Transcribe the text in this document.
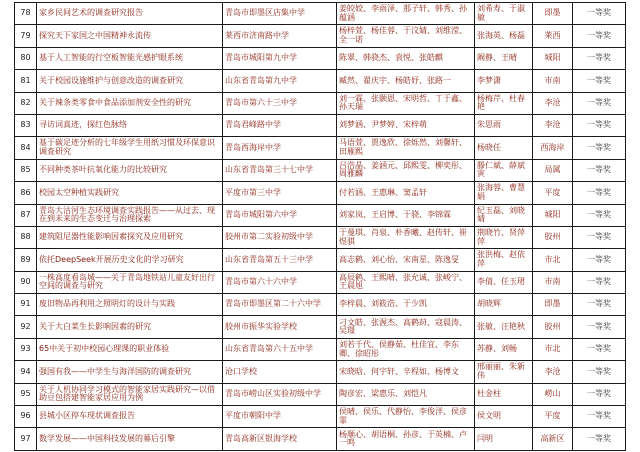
78	家乡民间艺术的调查研究报告	青岛市即墨区店集中学	姜皎姣、李雨泽、那子轩、韩秀、孙蕴涵	刘希寿、于淑敏	即墨	一等奖
79	探究天下家国之中国精神永流传	莱西市济南路中学	杨梓萱、杨佳蓉、于汶婧、刘维滢、全一诺	张海英、杨磊	莱西	一等奖
80	基于人工智能的行空板智能光感护眼系统	青岛市城阳第九中学	陈翠、韩骁杰、袁悦、张皓麒	阚静、王晴	城阳	一等奖
81	关于校园设施维护与创意改造的调查研究	山东省青岛第九中学	臧然、翟庆宇、杨皓妤、张路一	李梦潇	市南	一等奖
82	关于辣条类零食中食品添加剂安全性的研究	青岛市第六十三中学	刘一霖、张颢恩、宋明哲、丁于鑫、孙天瑞	杨梅芹、杜春艳	李沧	一等奖
83	寻访词真迹，探红色脉络	青岛君峰路中学	刘梦涵、尹梦婷、宋梓萌	朱思雨	李沧	一等奖
84	基于碳足迹分析的七年级学生用纸习惯及环保意识调查研究	青岛西海岸中学	马语萱、贾逸欣、徐烁然、刘馨轩、田雁熙	杨晓任	西海岸	一等奖
85	不同种类茶叶抗氧化能力的比较研究	山东省青岛第三十七中学	吕浩晶、姜涵元、邱熙雯、柳奕彤、周雅麟	滕仁斌、薛斌寅	局属	一等奖
86	校园太空种植实践研究	平度市第三中学	付若涵、王惠琳、窦孟轩	张海蓉、曹慧娟	平度	一等奖
87	青岛大沽河生态环境调查实践报告——从过去、现在到未来的生态变迁与治理探索	青岛市城阳第六中学	刘家岚、王启博、于骁、李锦霖	纪玉磊、刘晓婧	城阳	一等奖
88	建筑阻尼器性能影响因素探究及应用研究	胶州市第二实验初级中学	于曼琪、肖泉、朴香曦、赵传轩、崔煜骐	荆晓竹、贤萍萍	胶州	一等奖
89	依托DeepSeek开展历史文化的学习研究	山东省青岛第五十三中学	高志鹤、刘心怡、宋南星、陈逸旻	张洪梅、赵依萍	市北	一等奖
90	一株高度看岛城——关于青岛地铁站儿童友好出行空间的调查与研究	青岛市第六十六中学	高辰鹤、王熙晴、张允诚、张峻宁、王晨旭	李倩、任玉珺	市南	一等奖
91	废旧物品再利用之照明灯的设计与实践	青岛市即墨区第二十六中学	李梓晨、刘筱浩、于少凯	胡晓辉	即墨	一等奖
92	关于大白菜生长影响因素的研究	胶州市振华实验学校	刁文皓、张渥杰、高鹤莳、寇晨涛、吴璟	张敏、汪艳秋	胶州	一等奖
93	65中关于初中校园心理课的职业体验	山东省青岛第六十五中学	刘若千代、侯静茹、杜佳宜、李东卿、徐昭彤	苏静、刘畅	市北	一等奖
94	强国有我——中学生与海洋国防的调查研究	沧口学校	宋晓晗、何宇轩、辛程如、杨博文	邢丽丽、朱新伟	李沧	一等奖
95	关于人机协同学习模式的智能家居实践研究—以借助豆包搭建智能家居应用为例	青岛市崂山区实验初级中学	陶彦宏、梁惠乐、刘恺凡	杜金柱	崂山	一等奖
96	县城小区停车现状调查报告	平度市朝阳中学	侯晴、侯乐、代静怡、李俊洋、侯彦霏	侯文明	平度	一等奖
97	数学发展——中国科技发展的幕后引擎	青岛高新区银海学校	杨顺心、胡语桐、孙彦、于英楠、卢一鸣	闫明	高新区	一等奖
